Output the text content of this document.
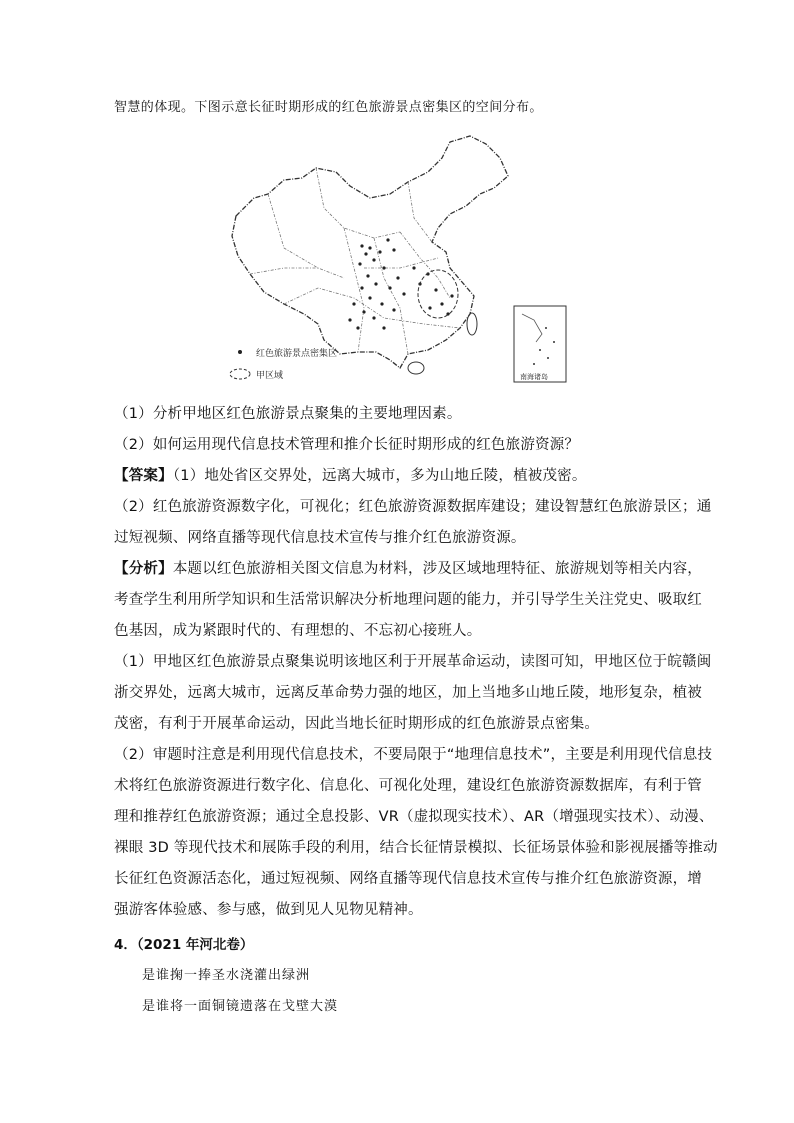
智慧的体现。下图示意长征时期形成的红色旅游景点密集区的空间分布。
红色旅游景点密集区
甲区域	南海诸岛
（1）分析甲地区红色旅游景点聚集的主要地理因素。
（2）如何运用现代信息技术管理和推介长征时期形成的红色旅游资源？
【答案】（1）地处省区交界处，远离大城市，多为山地丘陵，植被茂密。
（2）红色旅游资源数字化，可视化；红色旅游资源数据库建设；建设智慧红色旅游景区；通
过短视频、网络直播等现代信息技术宣传与推介红色旅游资源。
【分析】本题以红色旅游相关图文信息为材料，涉及区域地理特征、旅游规划等相关内容，
考查学生利用所学知识和生活常识解决分析地理问题的能力，并引导学生关注党史、吸取红
色基因，成为紧跟时代的、有理想的、不忘初心接班人。
（1）甲地区红色旅游景点聚集说明该地区利于开展革命运动，读图可知，甲地区位于皖赣闽
浙交界处，远离大城市，远离反革命势力强的地区，加上当地多山地丘陵，地形复杂，植被
茂密，有利于开展革命运动，因此当地长征时期形成的红色旅游景点密集。
（2）审题时注意是利用现代信息技术，不要局限于“地理信息技术”，主要是利用现代信息技
术将红色旅游资源进行数字化、信息化、可视化处理，建设红色旅游资源数据库，有利于管
理和推荐红色旅游资源；通过全息投影、VR（虚拟现实技术）、AR（增强现实技术）、动漫、
裸眼 3D 等现代技术和展陈手段的利用，结合长征情景模拟、长征场景体验和影视展播等推动
长征红色资源活态化，通过短视频、网络直播等现代信息技术宣传与推介红色旅游资源，增
强游客体验感、参与感，做到见人见物见精神。
4．（2021 年河北卷）
是谁掬一捧圣水浇灌出绿洲
是谁将一面铜镜遗落在戈壁大漠
